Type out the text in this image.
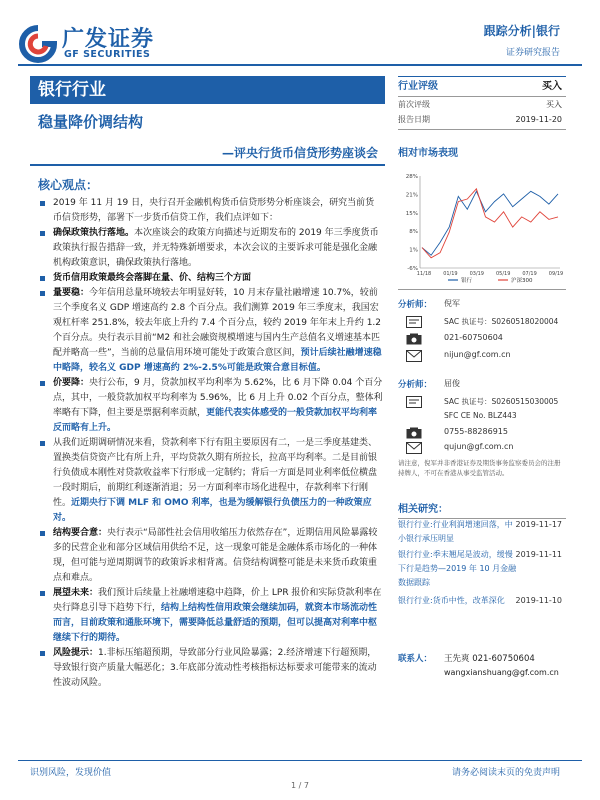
广发证券
GF SECURITIES
跟踪分析|银行
证券研究报告
银行行业
稳量降价调结构
—评央行货币信贷形势座谈会
核心观点：

2019 年 11 月 19 日，央行召开金融机构货币信贷形势分析座谈会，研究当前货币信贷形势，部署下一步货币信贷工作，我们点评如下：

确保政策执行落地。本次座谈会的政策方向描述与近期发布的 2019 年三季度货币政策执行报告措辞一致，并无特殊新增要求，本次会议的主要诉求可能是强化金融机构政策意识，确保政策执行落地。

货币信用政策最终会落脚在量、价、结构三个方面

量要稳：今年信用总量环境较去年明显好转，10 月末存量社融增速 10.7%，较前三个季度名义 GDP 增速高约 2.8 个百分点。我们测算 2019 年三季度末，我国宏观杠杆率 251.8%，较去年底上升约 7.4 个百分点，较约 2019 年年末上升约 1.2 个百分点。央行表示目前“M2 和社会融资规模增速与国内生产总值名义增速基本匹配并略高一些”，当前的总量信用环境可能处于政策合意区间，预计后续社融增速稳中略降，较名义 GDP 增速高约 2%-2.5%可能是政策合意目标值。

价要降：央行公布，9 月，贷款加权平均利率为 5.62%，比 6 月下降 0.04 个百分点，其中，一般贷款加权平均利率为 5.96%，比 6 月上升 0.02 个百分点，整体利率略有下降，但主要是票据利率贡献，更能代表实体感受的一般贷款加权平均利率反而略有上升。

从我们近期调研情况来看，贷款利率下行有阻主要原因有二，一是三季度基建类、置换类信贷资产比有所上升，平均贷款久期有所拉长，拉高平均利率。二是目前银行负债成本刚性对贷款收益率下行形成一定制约；背后一方面是同业利率低位横盘一段时期后，前期红利逐渐消退；另一方面利率市场化进程中，存款利率下行刚性。近期央行下调 MLF 和 OMO 利率，也是为缓解银行负债压力的一种政策应对。

结构要合意：央行表示“局部性社会信用收缩压力依然存在”，近期信用风险暴露较多的民营企业和部分区域信用供给不足，这一现象可能是金融体系市场化的一种体现，但可能与逆周期调节的政策诉求相背离。信贷结构调整可能是未来货币政策重点和难点。

展望未来：我们预计后续量上社融增速稳中趋降，价上 LPR 报价和实际贷款利率在央行降息引导下趋势下行，结构上结构性信用政策会继续加码，就资本市场流动性而言，目前政策和通胀环境下，需要降低总量舒适的预期，但可以提高对利率中枢继续下行的期待。

风险提示：1.非标压缩超预期，导致部分行业风险暴露；2.经济增速下行超预期，导致银行资产质量大幅恶化；3.年底部分流动性考核指标达标要求可能带来的流动性波动风险。

行业评级	买入
前次评级	买入
报告日期	2019-11-20
相对市场表现
28%
21%
15%
8%
1%
-6%
11/18 01/19 03/19 05/19 07/19 09/19
银行	沪深300
分析师：	倪军
SAC 执证号：S0260518020004
021-60750604
nijun@gf.com.cn
分析师：	屈俊
SAC 执证号：S0260515030005
SFC CE No. BLZ443
0755-88286915
qujun@gf.com.cn
请注意，倪军并非香港证券及期货事务监察委员会的注册持牌人，不可在香港从事受监管活动。
相关研究：
银行行业:行业利润增速回落，中小银行承压明显
2019-11-17
银行行业:季末翘尾是波动，缓慢下行是趋势—2019 年 10 月金融数据跟踪
2019-11-11
银行行业:货币中性，改革深化	2019-11-10
联系人： 王先爽 021-60750604
wangxianshuang@gf.com.cn
识别风险，发现价值	请务必阅读末页的免责声明
1 / 7
